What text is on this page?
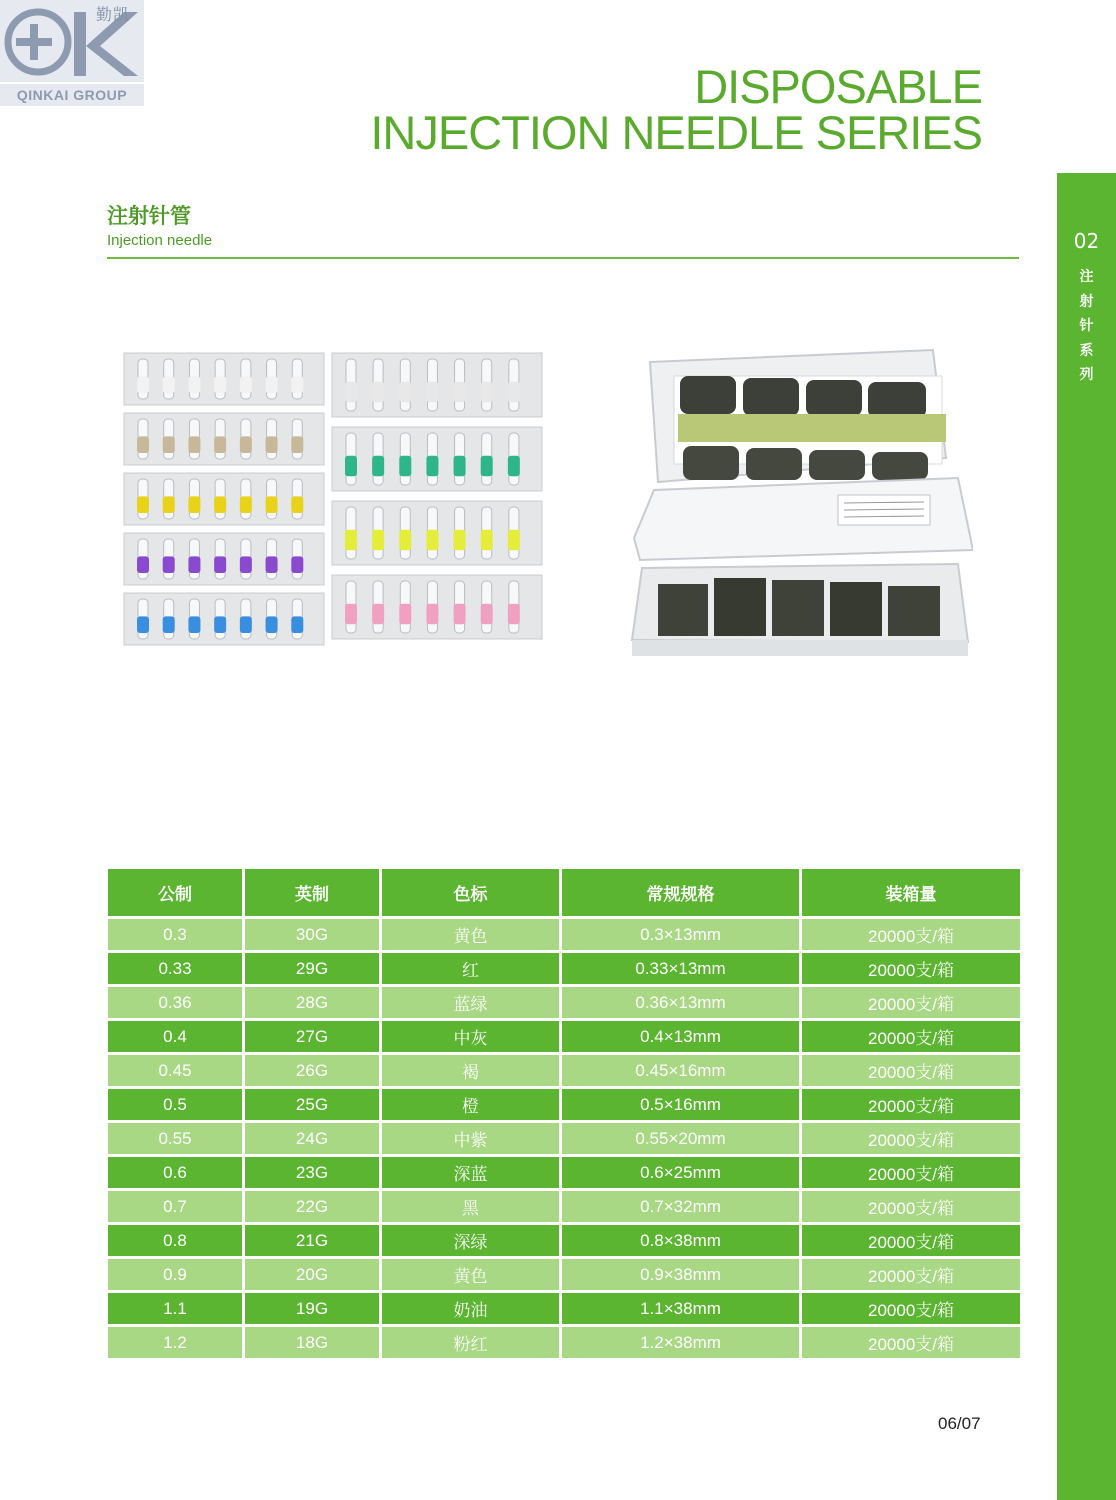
勤凯
QINKAI GROUP	DISPOSABLE
INJECTION NEEDLE SERIES
02
注
射
针
系
列
注射针管
Injection needle
公制	英制	色标	常规规格	装箱量
0.3	30G	黄色	0.3×13mm	20000支/箱
0.33	29G	红	0.33×13mm	20000支/箱
0.36	28G	蓝绿	0.36×13mm	20000支/箱
0.4	27G	中灰	0.4×13mm	20000支/箱
0.45	26G	褐	0.45×16mm	20000支/箱
0.5	25G	橙	0.5×16mm	20000支/箱
0.55	24G	中紫	0.55×20mm	20000支/箱
0.6	23G	深蓝	0.6×25mm	20000支/箱
0.7	22G	黑	0.7×32mm	20000支/箱
0.8	21G	深绿	0.8×38mm	20000支/箱
0.9	20G	黄色	0.9×38mm	20000支/箱
1.1	19G	奶油	1.1×38mm	20000支/箱
1.2	18G	粉红	1.2×38mm	20000支/箱
06/07
